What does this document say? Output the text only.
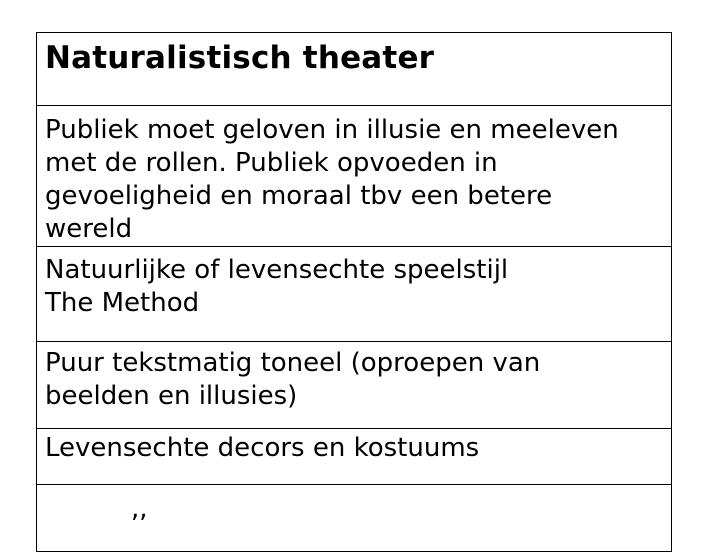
Naturalistisch theater
Publiek moet geloven in illusie en meeleven
met de rollen. Publiek opvoeden in
gevoeligheid en moraal tbv een betere
wereld
Natuurlijke of levensechte speelstijl
The Method
Puur tekstmatig toneel (oproepen van
beelden en illusies)
Levensechte decors en kostuums
,,
